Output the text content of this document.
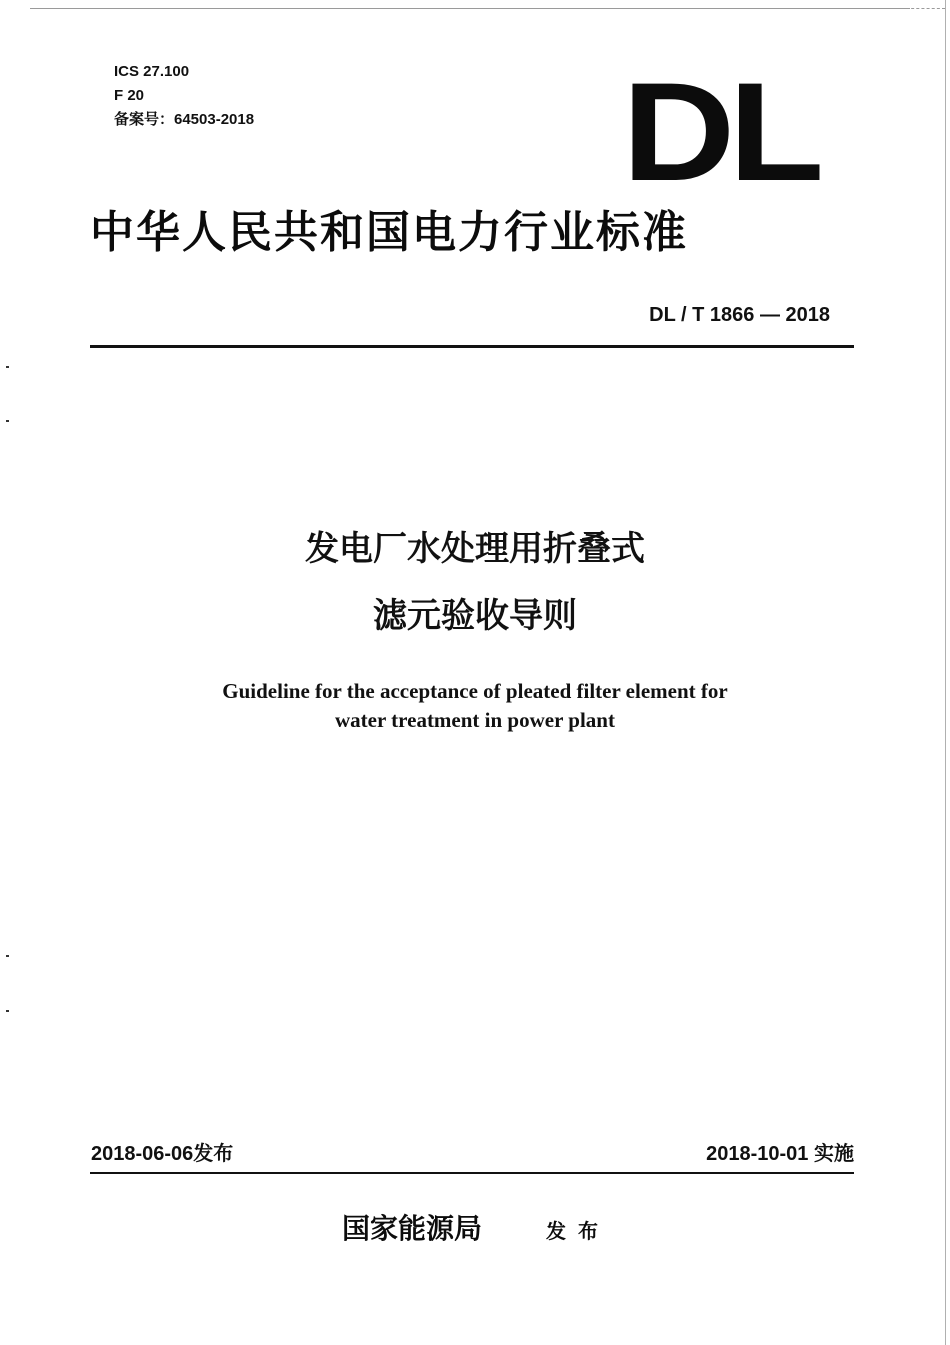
ICS 27.100
F 20
备案号：64503-2018	DL
中华人民共和国电力行业标准
DL / T 1866 — 2018
发电厂水处理用折叠式
滤元验收导则
Guideline for the acceptance of pleated filter element for
water treatment in power plant
2018-06-06发布	2018-10-01 实施
国家能源局	发布
